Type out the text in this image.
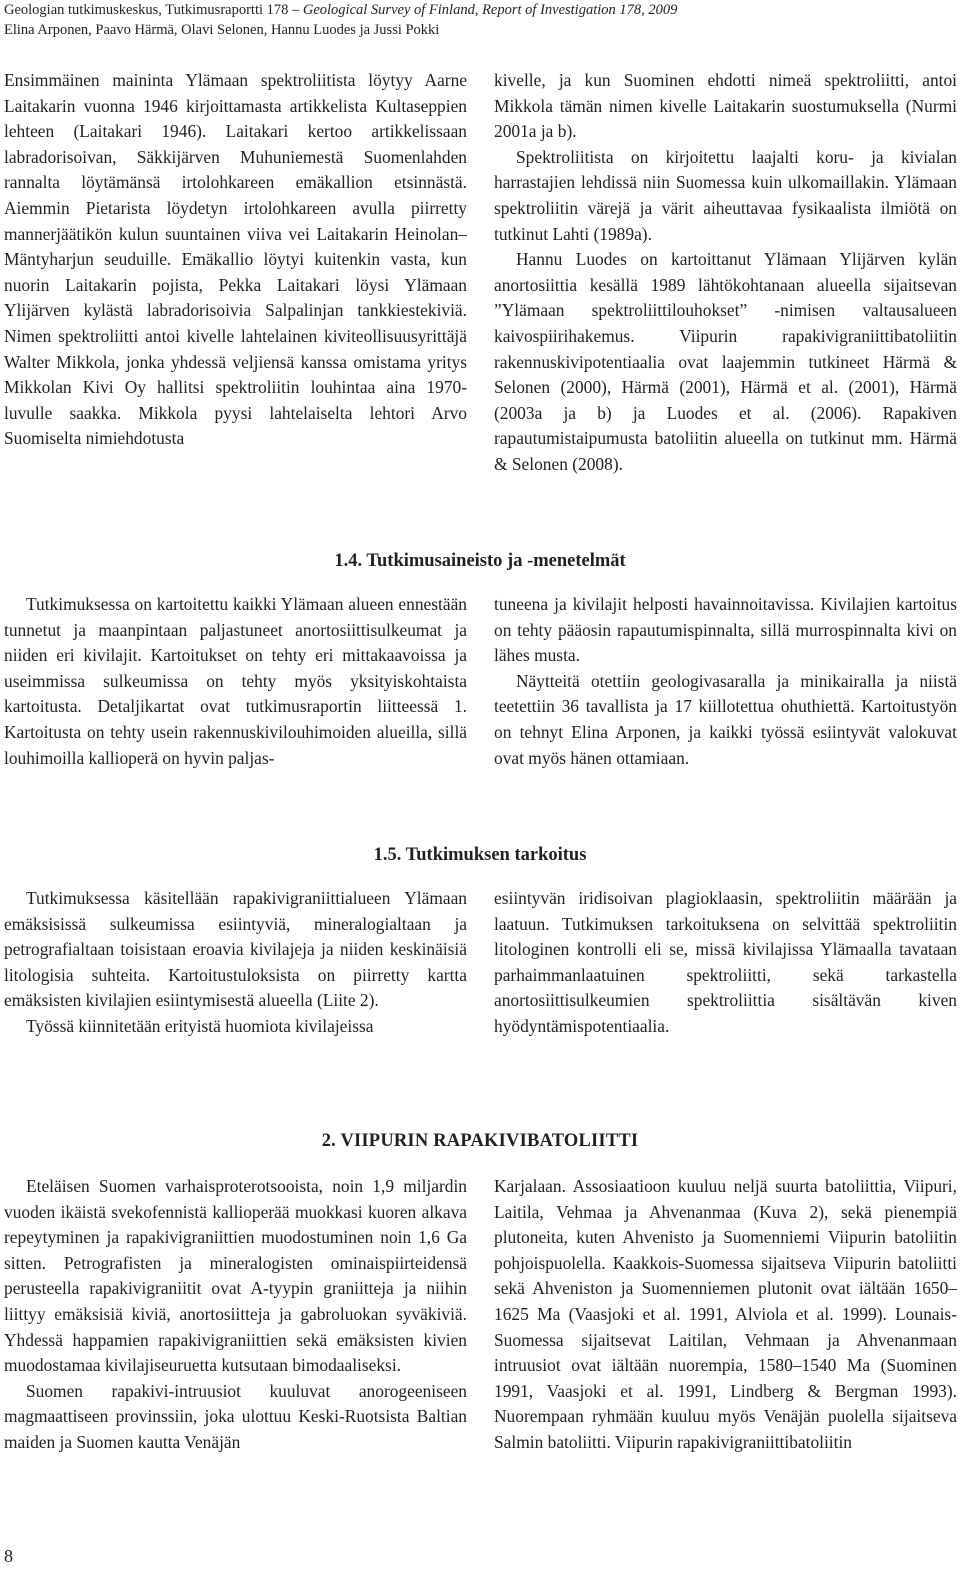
Geologian tutkimuskeskus, Tutkimusraportti 178 – Geological Survey of Finland, Report of Investigation 178, 2009
Elina Arponen, Paavo Härmä, Olavi Selonen, Hannu Luodes ja Jussi Pokki

Ensimmäinen maininta Ylämaan spektroliitista löytyy Aarne Laitakarin vuonna 1946 kirjoittamasta artikkelista Kultaseppien lehteen (Laitakari 1946). Laitakari kertoo artikkelissaan labradorisoivan, Säkkijärven Muhuniemestä Suomenlahden rannalta löytämänsä irtolohkareen emäkallion etsinnästä. Aiemmin Pietarista löydetyn irtolohkareen avulla piirretty mannerjäätikön kulun suuntainen viiva vei Laitakarin Heinolan–Mäntyharjun seuduille. Emäkallio löytyi kuitenkin vasta, kun nuorin Laitakarin pojista, Pekka Laitakari löysi Ylämaan Ylijärven kylästä labradorisoivia Salpalinjan tankkiestekiviä. Nimen spektroliitti antoi kivelle lahtelainen kiviteollisuusyrittäjä Walter Mikkola, jonka yhdessä veljiensä kanssa omistama yritys Mikkolan Kivi Oy hallitsi spektroliitin louhintaa aina 1970-luvulle saakka. Mikkola pyysi lahtelaiselta lehtori Arvo Suomiselta nimiehdotusta

kivelle, ja kun Suominen ehdotti nimeä spektroliitti, antoi Mikkola tämän nimen kivelle Laitakarin suostumuksella (Nurmi 2001a ja b).

Spektroliitista on kirjoitettu laajalti koru- ja kivialan harrastajien lehdissä niin Suomessa kuin ulkomaillakin. Ylämaan spektroliitin värejä ja värit aiheuttavaa fysikaalista ilmiötä on tutkinut Lahti (1989a).

Hannu Luodes on kartoittanut Ylämaan Ylijärven kylän anortosiittia kesällä 1989 lähtökohtanaan alueella sijaitsevan ”Ylämaan spektroliittilouhokset” -nimisen valtausalueen kaivospiirihakemus. Viipurin rapakivigraniittibatoliitin rakennuskivipotentiaalia ovat laajemmin tutkineet Härmä & Selonen (2000), Härmä (2001), Härmä et al. (2001), Härmä (2003a ja b) ja Luodes et al. (2006). Rapakiven rapautumistaipumusta batoliitin alueella on tutkinut mm. Härmä & Selonen (2008).

1.4. Tutkimusaineisto ja -menetelmät

Tutkimuksessa on kartoitettu kaikki Ylämaan alueen ennestään tunnetut ja maanpintaan paljastuneet anortosiittisulkeumat ja niiden eri kivilajit. Kartoitukset on tehty eri mittakaavoissa ja useimmissa sulkeumissa on tehty myös yksityiskohtaista kartoitusta. Detaljikartat ovat tutkimusraportin liitteessä 1. Kartoitusta on tehty usein rakennuskivilouhimoiden alueilla, sillä louhimoilla kallioperä on hyvin paljas-

tuneena ja kivilajit helposti havainnoitavissa. Kivilajien kartoitus on tehty pääosin rapautumispinnalta, sillä murrospinnalta kivi on lähes musta.

Näytteitä otettiin geologivasaralla ja minikairalla ja niistä teetettiin 36 tavallista ja 17 kiillotettua ohuthiettä. Kartoitustyön on tehnyt Elina Arponen, ja kaikki työssä esiintyvät valokuvat ovat myös hänen ottamiaan.

1.5. Tutkimuksen tarkoitus

Tutkimuksessa käsitellään rapakivigraniittialueen Ylämaan emäksisissä sulkeumissa esiintyviä, mineralogialtaan ja petrografialtaan toisistaan eroavia kivilajeja ja niiden keskinäisiä litologisia suhteita. Kartoitustuloksista on piirretty kartta emäksisten kivilajien esiintymisestä alueella (Liite 2).

Työssä kiinnitetään erityistä huomiota kivilajeissa

esiintyvän iridisoivan plagioklaasin, spektroliitin määrään ja laatuun. Tutkimuksen tarkoituksena on selvittää spektroliitin litologinen kontrolli eli se, missä kivilajissa Ylämaalla tavataan parhaimmanlaatuinen spektroliitti, sekä tarkastella anortosiittisulkeumien spektroliittia sisältävän kiven hyödyntämispotentiaalia.

2. VIIPURIN RAPAKIVIBATOLIITTI

Eteläisen Suomen varhaisproterotsooista, noin 1,9 miljardin vuoden ikäistä svekofennistä kallioperää muokkasi kuoren alkava repeytyminen ja rapakivigraniittien muodostuminen noin 1,6 Ga sitten. Petrografisten ja mineralogisten ominaispiirteidensä perusteella rapakivigraniitit ovat A-tyypin graniitteja ja niihin liittyy emäksisiä kiviä, anortosiitteja ja gabroluokan syväkiviä. Yhdessä happamien rapakivigraniittien sekä emäksisten kivien muodostamaa kivilajiseuruetta kutsutaan bimodaaliseksi.

Suomen rapakivi-intruusiot kuuluvat anorogeeniseen magmaattiseen provinssiin, joka ulottuu Keski-Ruotsista Baltian maiden ja Suomen kautta Venäjän

Karjalaan. Assosiaatioon kuuluu neljä suurta batoliittia, Viipuri, Laitila, Vehmaa ja Ahvenanmaa (Kuva 2), sekä pienempiä plutoneita, kuten Ahvenisto ja Suomenniemi Viipurin batoliitin pohjoispuolella. Kaakkois-Suomessa sijaitseva Viipurin batoliitti sekä Ahveniston ja Suomenniemen plutonit ovat iältään 1650–1625 Ma (Vaasjoki et al. 1991, Alviola et al. 1999). Lounais-Suomessa sijaitsevat Laitilan, Vehmaan ja Ahvenanmaan intruusiot ovat iältään nuorempia, 1580–1540 Ma (Suominen 1991, Vaasjoki et al. 1991, Lindberg & Bergman 1993). Nuorempaan ryhmään kuuluu myös Venäjän puolella sijaitseva Salmin batoliitti. Viipurin rapakivigraniittibatoliitin

8
